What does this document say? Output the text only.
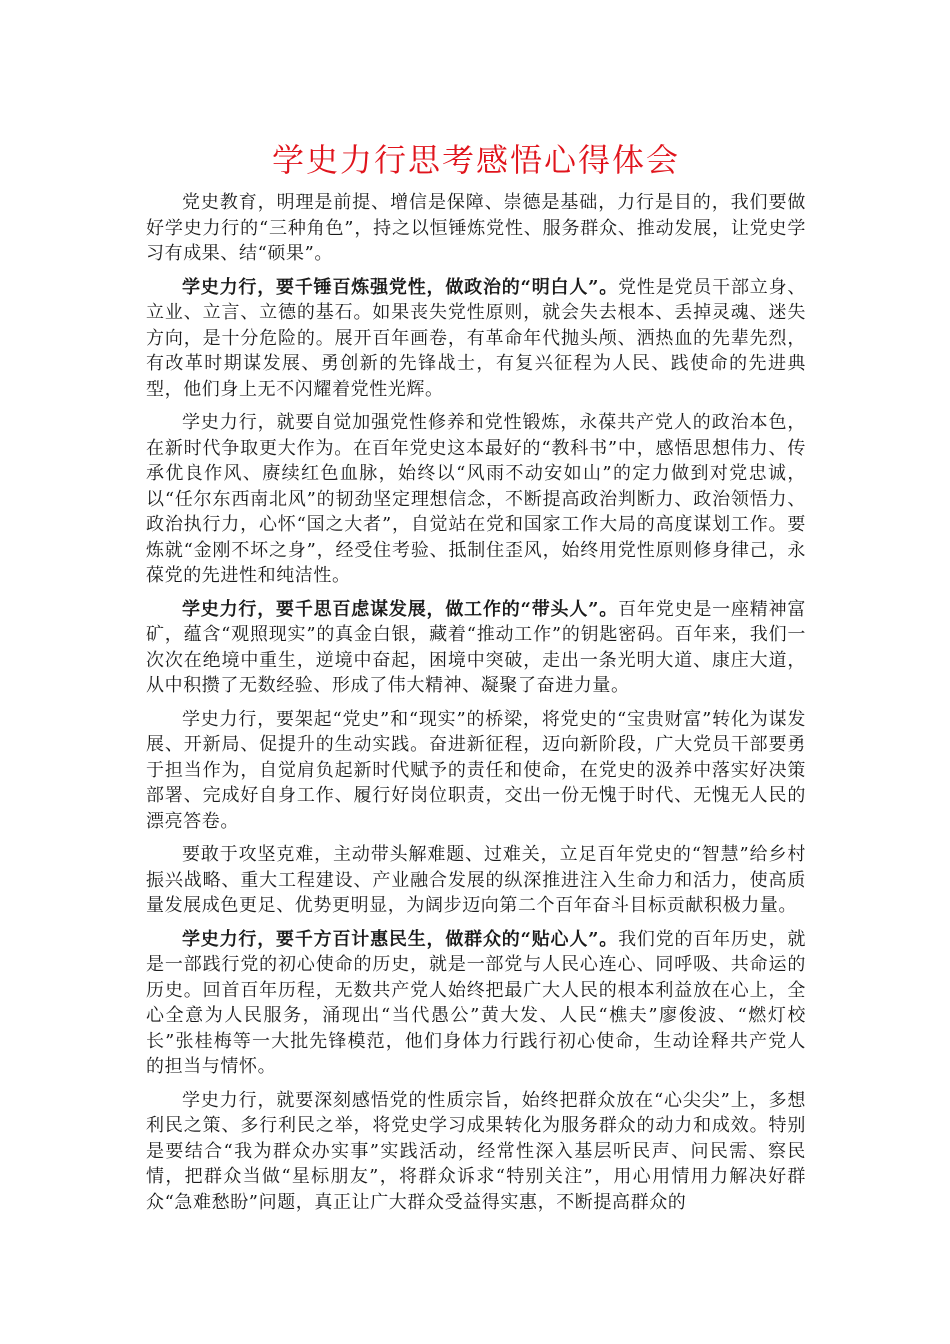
学史力行思考感悟心得体会

党史教育，明理是前提、增信是保障、崇德是基础，力行是目的，我们要做好学史力行的“三种角色”，持之以恒锤炼党性、服务群众、推动发展，让党史学习有成果、结“硕果”。

学史力行，要千锤百炼强党性，做政治的“明白人”。党性是党员干部立身、立业、立言、立德的基石。如果丧失党性原则，就会失去根本、丢掉灵魂、迷失方向，是十分危险的。展开百年画卷，有革命年代抛头颅、洒热血的先辈先烈，有改革时期谋发展、勇创新的先锋战士，有复兴征程为人民、践使命的先进典型，他们身上无不闪耀着党性光辉。

学史力行，就要自觉加强党性修养和党性锻炼，永葆共产党人的政治本色，在新时代争取更大作为。在百年党史这本最好的“教科书”中，感悟思想伟力、传承优良作风、赓续红色血脉，始终以“风雨不动安如山”的定力做到对党忠诚，以“任尔东西南北风”的韧劲坚定理想信念，不断提高政治判断力、政治领悟力、政治执行力，心怀“国之大者”，自觉站在党和国家工作大局的高度谋划工作。要炼就“金刚不坏之身”，经受住考验、抵制住歪风，始终用党性原则修身律己，永葆党的先进性和纯洁性。

学史力行，要千思百虑谋发展，做工作的“带头人”。百年党史是一座精神富矿，蕴含“观照现实”的真金白银，藏着“推动工作”的钥匙密码。百年来，我们一次次在绝境中重生，逆境中奋起，困境中突破，走出一条光明大道、康庄大道，从中积攒了无数经验、形成了伟大精神、凝聚了奋进力量。

学史力行，要架起“党史”和“现实”的桥梁，将党史的“宝贵财富”转化为谋发展、开新局、促提升的生动实践。奋进新征程，迈向新阶段，广大党员干部要勇于担当作为，自觉肩负起新时代赋予的责任和使命，在党史的汲养中落实好决策部署、完成好自身工作、履行好岗位职责，交出一份无愧于时代、无愧无人民的漂亮答卷。

要敢于攻坚克难，主动带头解难题、过难关，立足百年党史的“智慧”给乡村振兴战略、重大工程建设、产业融合发展的纵深推进注入生命力和活力，使高质量发展成色更足、优势更明显，为阔步迈向第二个百年奋斗目标贡献积极力量。

学史力行，要千方百计惠民生，做群众的“贴心人”。我们党的百年历史，就是一部践行党的初心使命的历史，就是一部党与人民心连心、同呼吸、共命运的历史。回首百年历程，无数共产党人始终把最广大人民的根本利益放在心上，全心全意为人民服务，涌现出“当代愚公”黄大发、人民“樵夫”廖俊波、“燃灯校长”张桂梅等一大批先锋模范，他们身体力行践行初心使命，生动诠释共产党人的担当与情怀。

学史力行，就要深刻感悟党的性质宗旨，始终把群众放在“心尖尖”上，多想利民之策、多行利民之举，将党史学习成果转化为服务群众的动力和成效。特别是要结合“我为群众办实事”实践活动，经常性深入基层听民声、问民需、察民情，把群众当做“星标朋友”，将群众诉求“特别关注”，用心用情用力解决好群众“急难愁盼”问题，真正让广大群众受益得实惠，不断提高群众的
